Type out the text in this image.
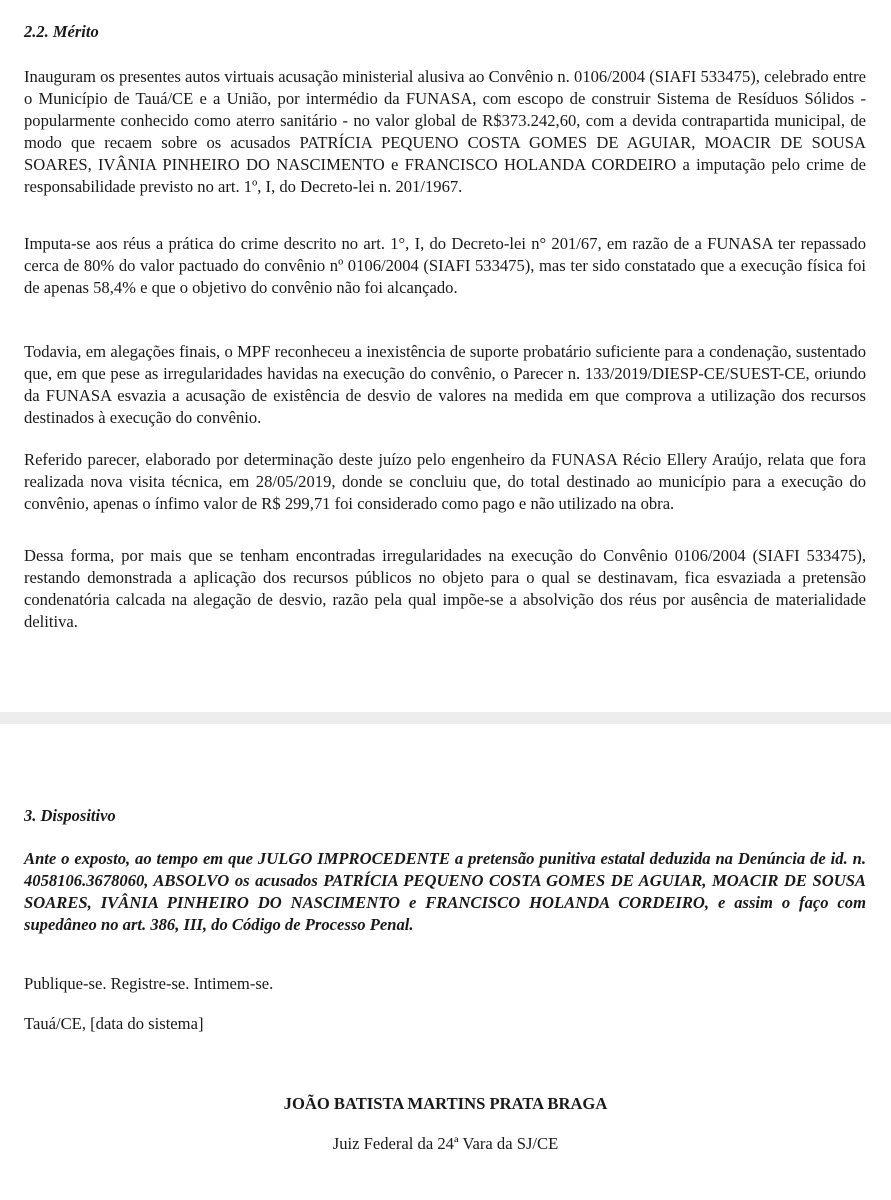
2.2. Mérito

Inauguram os presentes autos virtuais acusação ministerial alusiva ao Convênio n. 0106/2004 (SIAFI 533475), celebrado entre o Município de Tauá/CE e a União, por intermédio da FUNASA, com escopo de construir Sistema de Resíduos Sólidos - popularmente conhecido como aterro sanitário - no valor global de R$373.242,60, com a devida contrapartida municipal, de modo que recaem sobre os acusados PATRÍCIA PEQUENO COSTA GOMES DE AGUIAR, MOACIR DE SOUSA SOARES, IVÂNIA PINHEIRO DO NASCIMENTO e FRANCISCO HOLANDA CORDEIRO a imputação pelo crime de responsabilidade previsto no art. 1º, I, do Decreto-lei n. 201/1967.

Imputa-se aos réus a prática do crime descrito no art. 1°, I, do Decreto-lei n° 201/67, em razão de a FUNASA ter repassado cerca de 80% do valor pactuado do convênio nº 0106/2004 (SIAFI 533475), mas ter sido constatado que a execução física foi de apenas 58,4% e que o objetivo do convênio não foi alcançado.

Todavia, em alegações finais, o MPF reconheceu a inexistência de suporte probatário suficiente para a condenação, sustentado que, em que pese as irregularidades havidas na execução do convênio, o Parecer n. 133/2019/DIESP-CE/SUEST-CE, oriundo da FUNASA esvazia a acusação de existência de desvio de valores na medida em que comprova a utilização dos recursos destinados à execução do convênio.

Referido parecer, elaborado por determinação deste juízo pelo engenheiro da FUNASA Récio Ellery Araújo, relata que fora realizada nova visita técnica, em 28/05/2019, donde se concluiu que, do total destinado ao município para a execução do convênio, apenas o ínfimo valor de R$ 299,71 foi considerado como pago e não utilizado na obra.

Dessa forma, por mais que se tenham encontradas irregularidades na execução do Convênio 0106/2004 (SIAFI 533475), restando demonstrada a aplicação dos recursos públicos no objeto para o qual se destinavam, fica esvaziada a pretensão condenatória calcada na alegação de desvio, razão pela qual impõe-se a absolvição dos réus por ausência de materialidade delitiva.

3. Dispositivo

Ante o exposto, ao tempo em que JULGO IMPROCEDENTE a pretensão punitiva estatal deduzida na Denúncia de id. n. 4058106.3678060, ABSOLVO os acusados PATRÍCIA PEQUENO COSTA GOMES DE AGUIAR, MOACIR DE SOUSA SOARES, IVÂNIA PINHEIRO DO NASCIMENTO e FRANCISCO HOLANDA CORDEIRO, e assim o faço com supedâneo no art. 386, III, do Código de Processo Penal.

Publique-se. Registre-se. Intimem-se.

Tauá/CE, [data do sistema]

JOÃO BATISTA MARTINS PRATA BRAGA

Juiz Federal da 24ª Vara da SJ/CE
